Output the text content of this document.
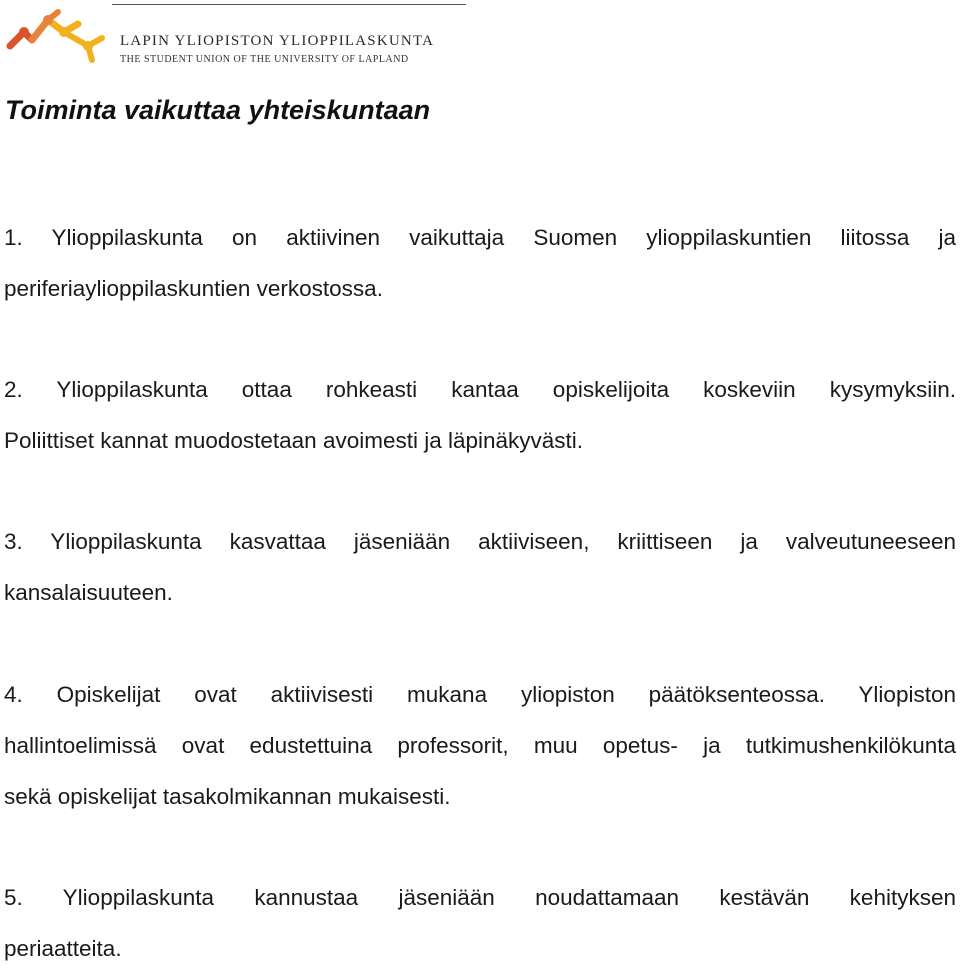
LAPIN YLIOPISTON YLIOPPILASKUNTA
THE STUDENT UNION OF THE UNIVERSITY OF LAPLAND
Toiminta vaikuttaa yhteiskuntaan

1. Ylioppilaskunta on aktiivinen vaikuttaja Suomen ylioppilaskuntien liitossa ja
periferiaylioppilaskuntien verkostossa.

2. Ylioppilaskunta ottaa rohkeasti kantaa opiskelijoita koskeviin kysymyksiin.
Poliittiset kannat muodostetaan avoimesti ja läpinäkyvästi.

3. Ylioppilaskunta kasvattaa jäseniään aktiiviseen, kriittiseen ja valveutuneeseen
kansalaisuuteen.

4. Opiskelijat ovat aktiivisesti mukana yliopiston päätöksenteossa. Yliopiston
hallintoelimissä ovat edustettuina professorit, muu opetus- ja tutkimushenkilökunta
sekä opiskelijat tasakolmikannan mukaisesti.

5. Ylioppilaskunta kannustaa jäseniään noudattamaan kestävän kehityksen
periaatteita.
